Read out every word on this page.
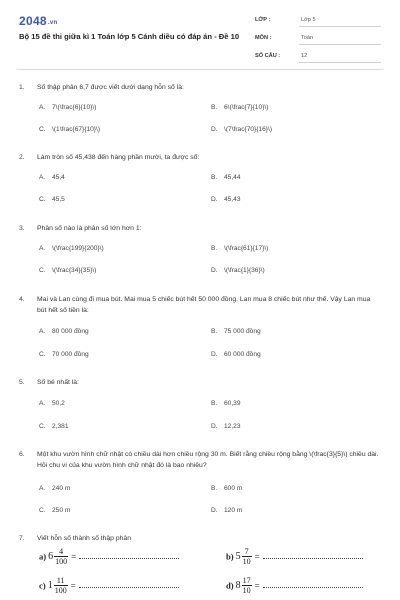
2048.vn
Bộ 15 đề thi giữa kì 1 Toán lớp 5 Cánh diều có đáp án - Đề 10
LỚP :	Lớp 5
MÔN :	Toán
SỐ CÂU :	12
1. Số thập phân 6,7 được viết dưới dạng hỗn số là:
A. 7\(\frac{6}{10}\)	B. 6\(\frac{7}{10}\)
C. \(1\frac{67}{10}\)	D. \(7\frac{70}{16}\)
2. Làm tròn số 45,438 đến hàng phần mười, ta được số:
A. 45,4	B. 45,44
C. 45,5	D. 45,43
3. Phân số nào là phân số lớn hơn 1:
A. \(\frac{199}{200}\)	B. \(\frac{61}{17}\)
C. \(\frac{34}{35}\)	D. \(\frac{1}{36}\)
4. Mai và Lan cùng đi mua bút. Mai mua 5 chiếc bút hết 50 000 đồng. Lan mua 8 chiếc bút như thế. Vậy Lan mua bút hết số tiền là:
A. 80 000 đồng	B. 75 000 đồng
C. 70 000 đồng	D. 60 000 đồng
5. Số bé nhất là:
A. 50,2	B. 60,39
C. 2,381	D. 12,23
6. Một khu vườn hình chữ nhật có chiều dài hơn chiều rộng 30 m. Biết rằng chiều rộng bằng \(\frac{3}{5}\) chiều dài. Hỏi chu vi của khu vườn hình chữ nhật đó là bao nhiêu?
A. 240 m	B. 600 m
C. 250 m	D. 120 m
7. Viết hỗn số thành số thập phân
a) $6 \frac{4}{100}$ =	b) $5 \frac{7}{10}$ =
c) $1 \frac{11}{100}$ =	d) $8 \frac{17}{10}$ =
